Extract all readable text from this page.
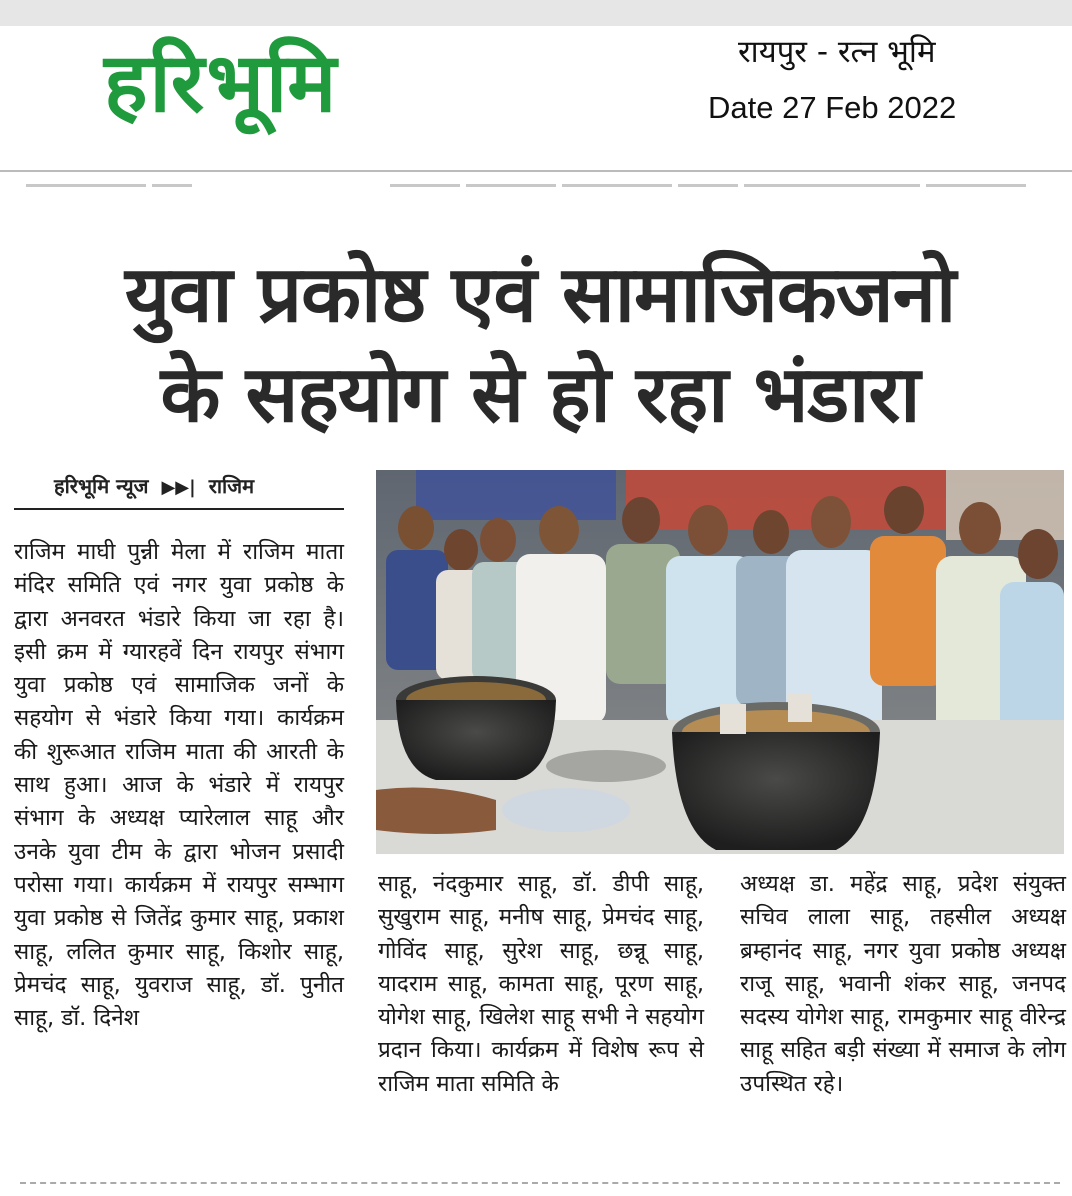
हरिभूमि	रायपुर - रत्न भूमि
Date 27 Feb 2022
युवा प्रकोष्ठ एवं सामाजिकजनो
के सहयोग से हो रहा भंडारा
हरिभूमि न्यूज ▶▶| राजिम

राजिम माघी पुन्नी मेला में राजिम माता मंदिर समिति एवं नगर युवा प्रकोष्ठ के द्वारा अनवरत भंडारे किया जा रहा है। इसी क्रम में ग्यारहवें दिन रायपुर संभाग युवा प्रकोष्ठ एवं सामाजिक जनों के सहयोग से भंडारे किया गया। कार्यक्रम की शुरूआत राजिम माता की आरती के साथ हुआ। आज के भंडारे में रायपुर संभाग के अध्यक्ष प्यारेलाल साहू और उनके युवा टीम के द्वारा भोजन प्रसादी परोसा गया। कार्यक्रम में रायपुर सम्भाग युवा प्रकोष्ठ से जितेंद्र कुमार साहू, प्रकाश साहू, ललित कुमार साहू, किशोर साहू, प्रेमचंद साहू, युवराज साहू, डॉ. पुनीत साहू, डॉ. दिनेश

साहू, नंदकुमार साहू, डॉ. डीपी साहू, सुखुराम साहू, मनीष साहू, प्रेमचंद साहू, गोविंद साहू, सुरेश साहू, छन्नू साहू, यादराम साहू, कामता साहू, पूरण साहू, योगेश साहू, खिलेश साहू सभी ने सहयोग प्रदान किया। कार्यक्रम में विशेष रूप से राजिम माता समिति के

अध्यक्ष डा. महेंद्र साहू, प्रदेश संयुक्त सचिव लाला साहू, तहसील अध्यक्ष ब्रम्हानंद साहू, नगर युवा प्रकोष्ठ अध्यक्ष राजू साहू, भवानी शंकर साहू, जनपद सदस्य योगेश साहू, रामकुमार साहू वीरेन्द्र साहू सहित बड़ी संख्या में समाज के लोग उपस्थित रहे।
